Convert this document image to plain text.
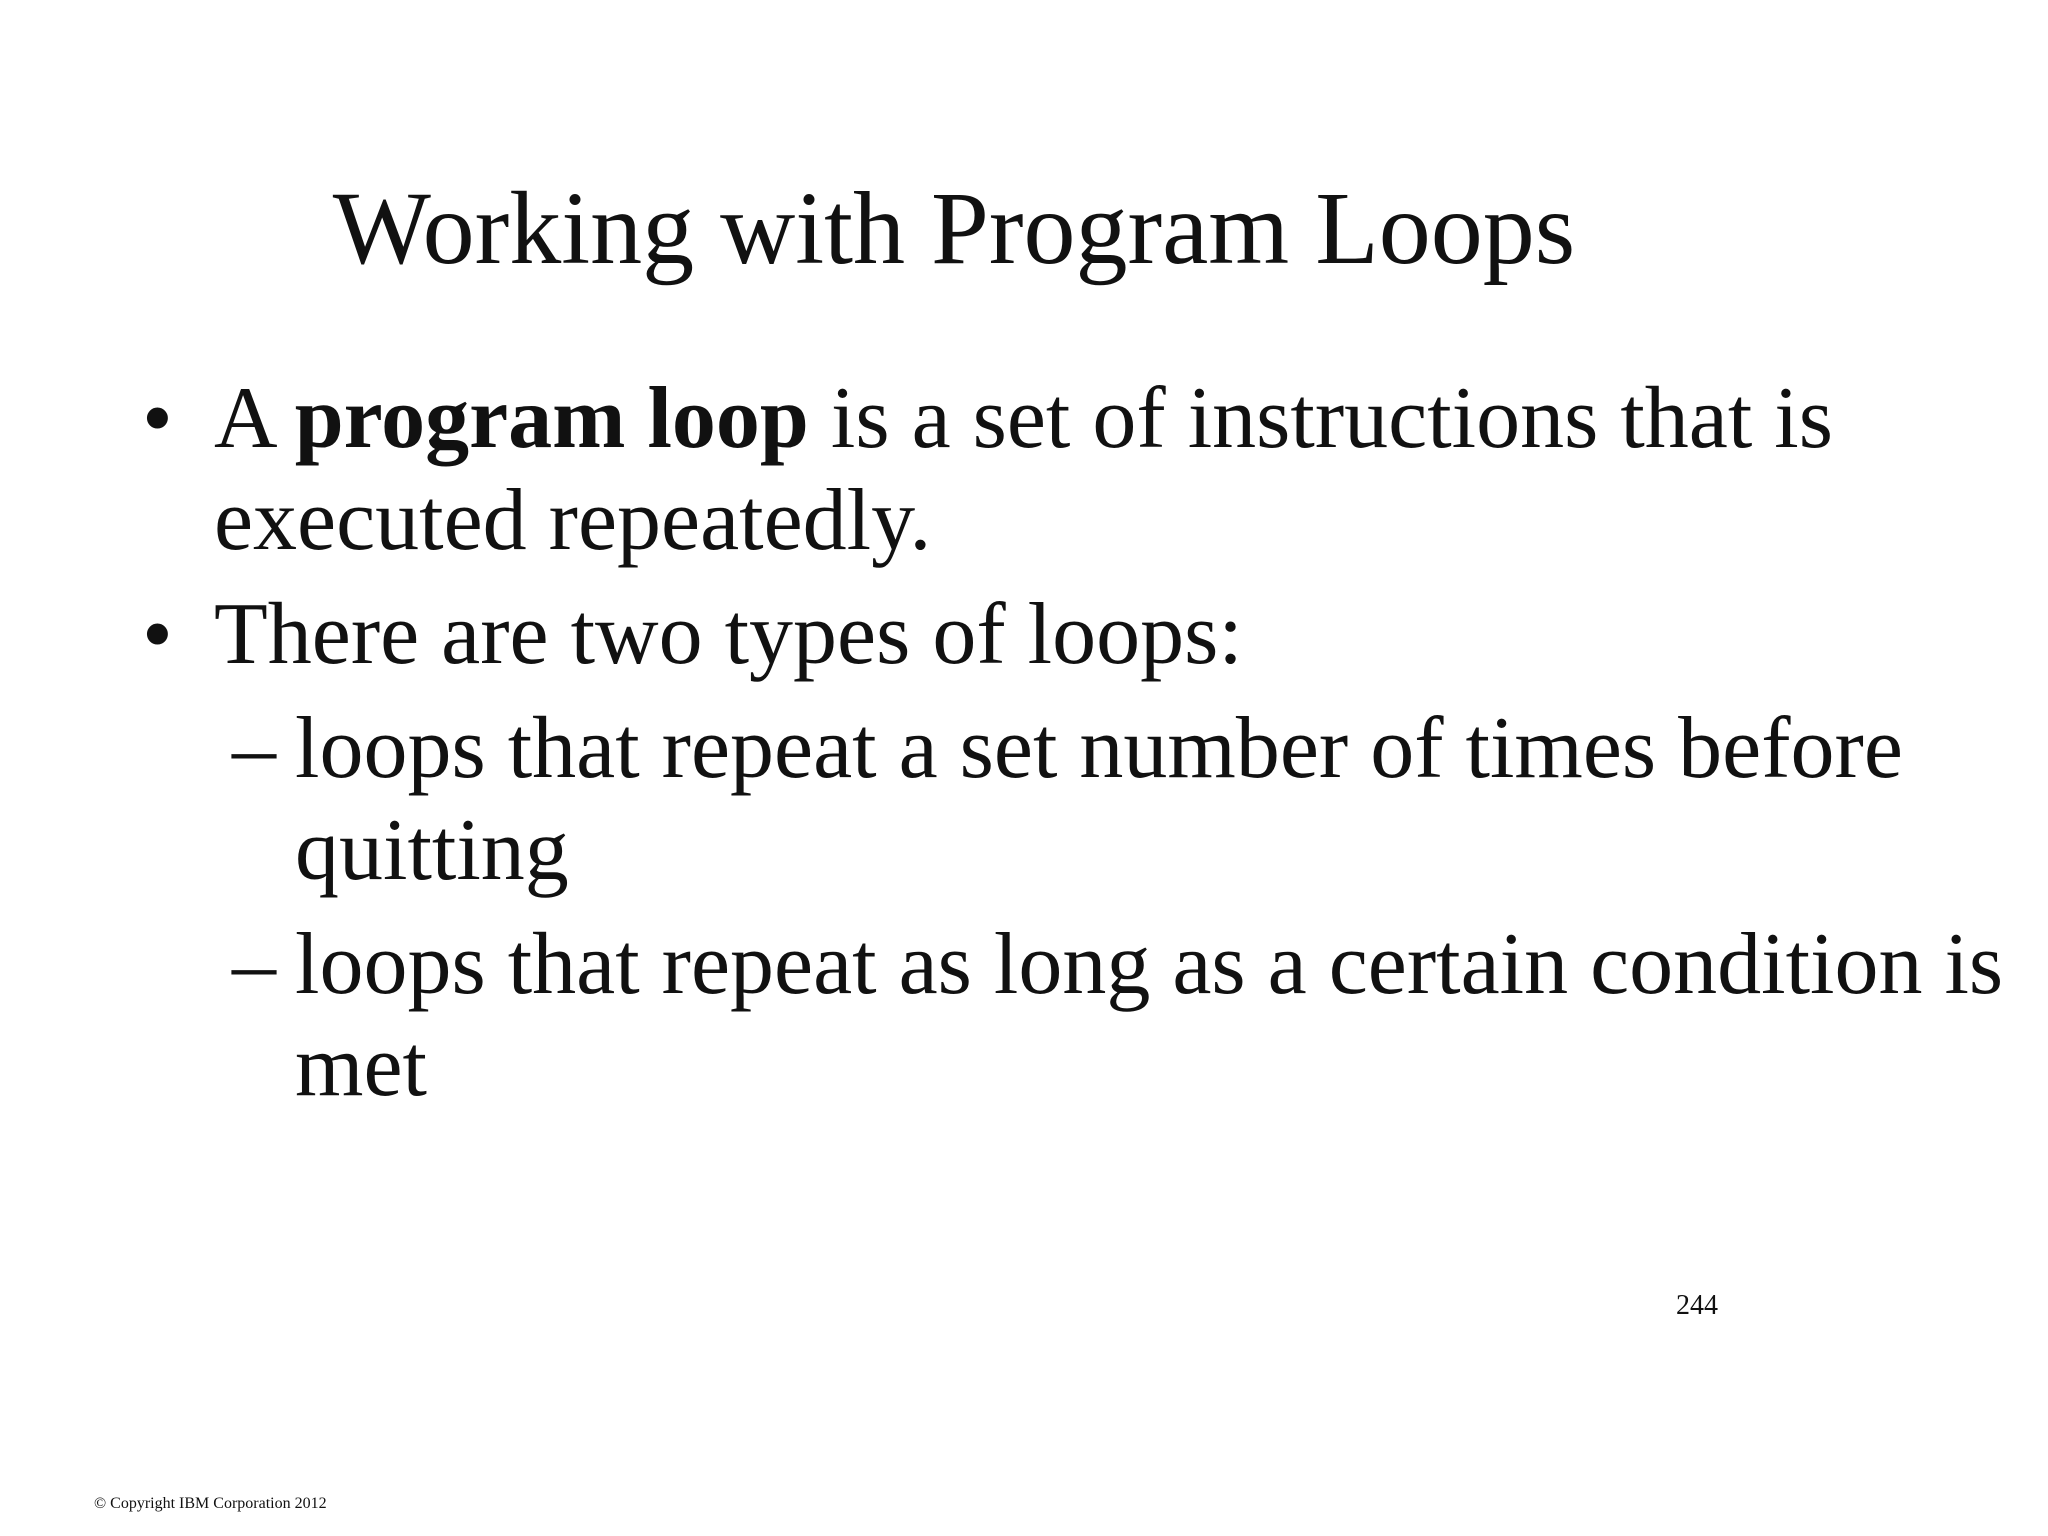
Working with Program Loops
• A program loop is a set of instructions that is executed repeatedly.
• There are two types of loops:
– loops that repeat a set number of times before quitting
– loops that repeat as long as a certain condition is met
244
© Copyright IBM Corporation 2012
